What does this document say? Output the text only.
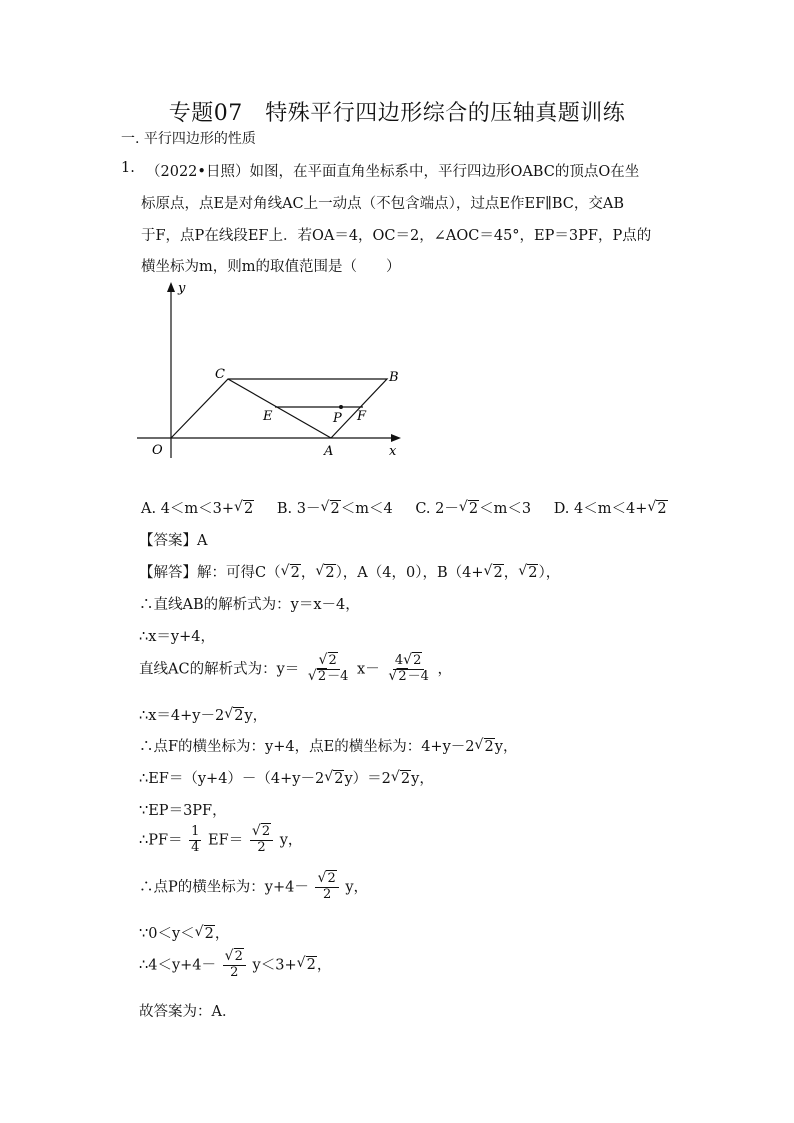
专题07　特殊平行四边形综合的压轴真题训练
一. 平行四边形的性质
1. （2022•日照）如图，在平面直角坐标系中，平行四边形OABC的顶点O在坐
标原点，点E是对角线AC上一动点（不包含端点），过点E作EF∥BC，交AB
于F，点P在线段EF上．若OA＝4，OC＝2，∠AOC＝45°，EP＝3PF，P点的
横坐标为m，则m的取值范围是（　　）
y
x
O	A
B
C
E	P F
A. 4＜m＜3+√ 2 B. 3－√ 2＜m＜4 C. 2－√ 2＜m＜3 D. 4＜m＜4+√ 2
【答案】A
【解答】解：可得C（√ 2，√ 2），A（4，0），B（4+√ 2，√ 2），
∴直线AB的解析式为：y＝x－4，
∴x＝y+4，
直线AC的解析式为：y＝
√ 2
√ 2－4 x－ 4√ 2
√ 2－4 ，
∴x＝4+y－2√ 2y，
∴点F的横坐标为：y+4，点E的横坐标为：4+y－2√ 2y，
∴EF＝（y+4）－（4+y－2√ 2y）＝2√ 2y，
∵EP＝3PF，
∴PF＝ $\frac{1}{4} EF=$
√ $\frac{2}{2}$ y，
∴点P的横坐标为：y+4－
√ $\frac{2}{2}$ y，
∵0＜y＜√ 2，
∴4＜y+4－
√ $\frac{2}{2} y<3+√$ 2，
故答案为：A．
